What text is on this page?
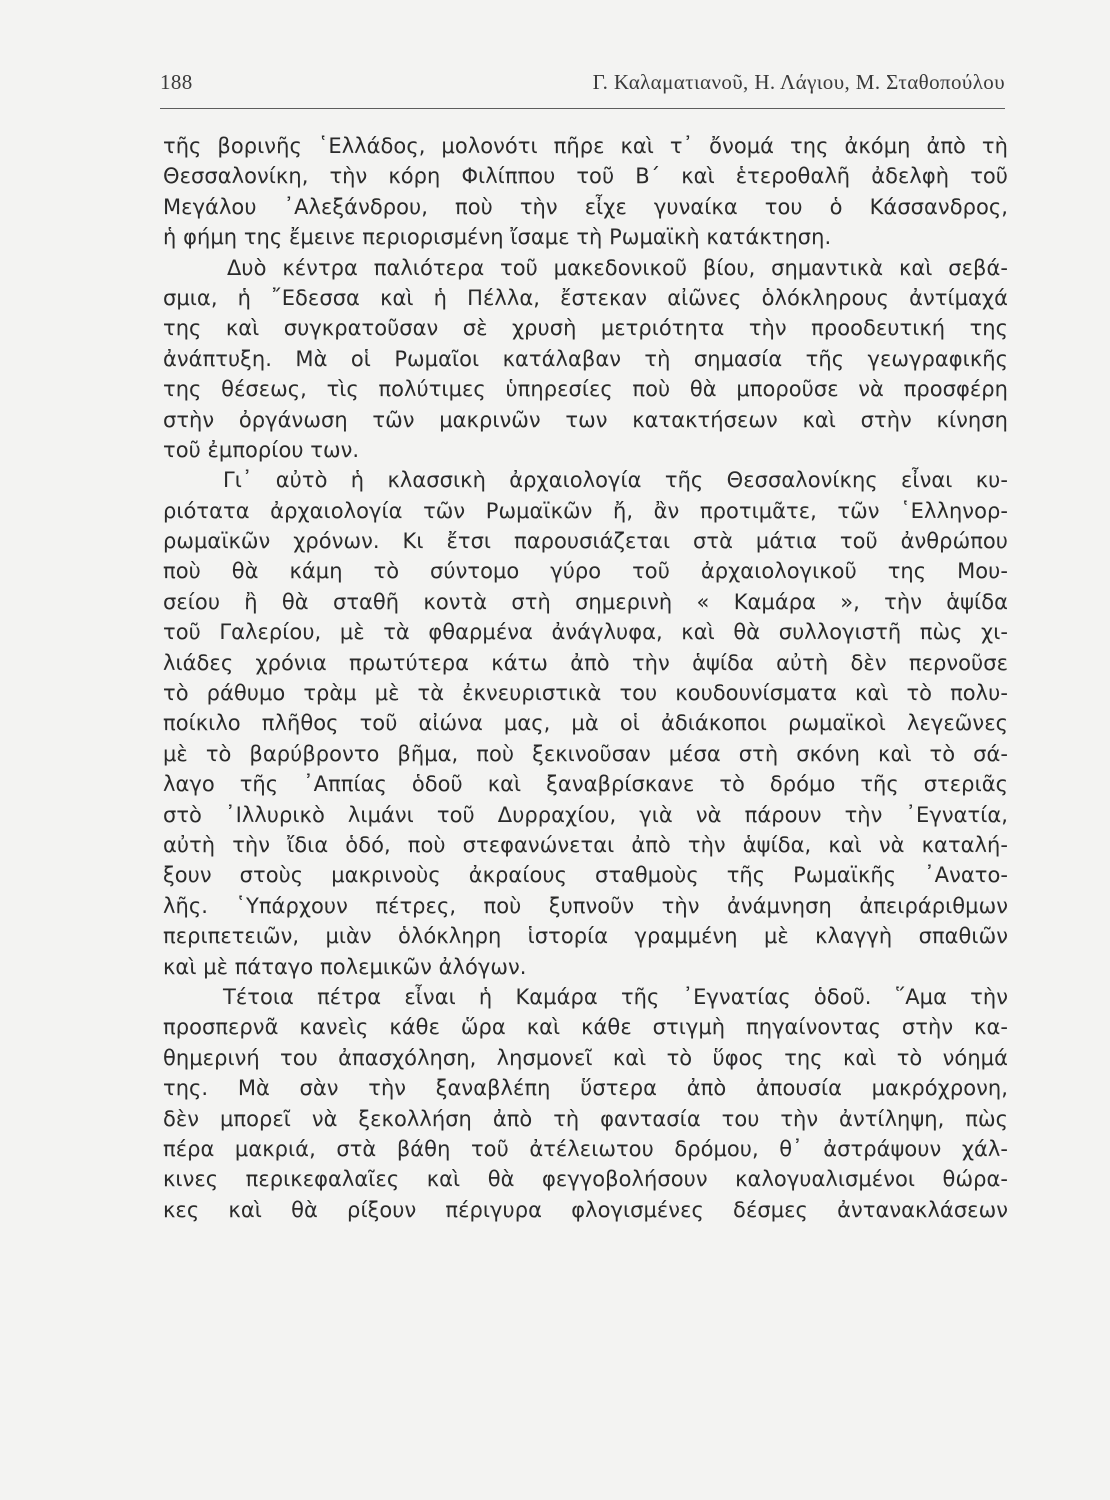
188	Γ. Καλαματιανοῦ, Η. Λάγιου, Μ. Σταθοπούλου
τῆς βορινῆς ῾Ελλάδος, μολονότι πῆρε καὶ τ᾽ ὄνομά της ἀκόμη ἀπὸ τὴ
Θεσσαλονίκη, τὴν κόρη Φιλίππου τοῦ Β΄ καὶ ἑτεροθαλῆ ἀδελφὴ τοῦ
Μεγάλου ᾽Αλεξάνδρου, ποὺ τὴν εἶχε γυναίκα του ὁ Κάσσανδρος,
ἡ φήμη της ἔμεινε περιορισμένη ἴσαμε τὴ Ρωμαϊκὴ κατάκτηση.
Δυὸ κέντρα παλιότερα τοῦ μακεδονικοῦ βίου, σημαντικὰ καὶ σεβά-
σμια, ἡ ῎Εδεσσα καὶ ἡ Πέλλα, ἔστεκαν αἰῶνες ὁλόκληρους ἀντίμαχά
της καὶ συγκρατοῦσαν σὲ χρυσὴ μετριότητα τὴν προοδευτική της
ἀνάπτυξη. Μὰ οἱ Ρωμαῖοι κατάλαβαν τὴ σημασία τῆς γεωγραφικῆς
της θέσεως, τὶς πολύτιμες ὑπηρεσίες ποὺ θὰ μποροῦσε νὰ προσφέρη
στὴν ὀργάνωση τῶν μακρινῶν των κατακτήσεων καὶ στὴν κίνηση
τοῦ ἐμπορίου των.
Γι᾽ αὐτὸ ἡ κλασσικὴ ἀρχαιολογία τῆς Θεσσαλονίκης εἶναι κυ-
ριότατα ἀρχαιολογία τῶν Ρωμαϊκῶν ἤ, ἂν προτιμᾶτε, τῶν ῾Ελληνορ-
ρωμαϊκῶν χρόνων. Κι ἔτσι παρουσιάζεται στὰ μάτια τοῦ ἀνθρώπου
ποὺ θὰ κάμη τὸ σύντομο γύρο τοῦ ἀρχαιολογικοῦ της Μου-
σείου ἢ θὰ σταθῆ κοντὰ στὴ σημερινὴ « Καμάρα », τὴν ἁψίδα
τοῦ Γαλερίου, μὲ τὰ φθαρμένα ἀνάγλυφα, καὶ θὰ συλλογιστῆ πὼς χι-
λιάδες χρόνια πρωτύτερα κάτω ἀπὸ τὴν ἁψίδα αὐτὴ δὲν περνοῦσε
τὸ ράθυμο τρὰμ μὲ τὰ ἐκνευριστικὰ του κουδουνίσματα καὶ τὸ πολυ-
ποίκιλο πλῆθος τοῦ αἰώνα μας, μὰ οἱ ἀδιάκοποι ρωμαϊκοὶ λεγεῶνες
μὲ τὸ βαρύβροντο βῆμα, ποὺ ξεκινοῦσαν μέσα στὴ σκόνη καὶ τὸ σά-
λαγο τῆς ᾽Αππίας ὁδοῦ καὶ ξαναβρίσκανε τὸ δρόμο τῆς στεριᾶς
στὸ ᾽Ιλλυρικὸ λιμάνι τοῦ Δυρραχίου, γιὰ νὰ πάρουν τὴν ᾽Εγνατία,
αὐτὴ τὴν ἴδια ὁδό, ποὺ στεφανώνεται ἀπὸ τὴν ἁψίδα, καὶ νὰ καταλή-
ξουν στοὺς μακρινοὺς ἀκραίους σταθμοὺς τῆς Ρωμαϊκῆς ᾽Ανατο-
λῆς. ῾Υπάρχουν πέτρες, ποὺ ξυπνοῦν τὴν ἀνάμνηση ἀπειράριθμων
περιπετειῶν, μιὰν ὁλόκληρη ἱστορία γραμμένη μὲ κλαγγὴ σπαθιῶν
καὶ μὲ πάταγο πολεμικῶν ἀλόγων.
Τέτοια πέτρα εἶναι ἡ Καμάρα τῆς ᾽Εγνατίας ὁδοῦ. ῞Αμα τὴν
προσπερνᾶ κανεὶς κάθε ὥρα καὶ κάθε στιγμὴ πηγαίνοντας στὴν κα-
θημερινή του ἀπασχόληση, λησμονεῖ καὶ τὸ ὕφος της καὶ τὸ νόημά
της. Μὰ σὰν τὴν ξαναβλέπη ὕστερα ἀπὸ ἀπουσία μακρόχρονη,
δὲν μπορεῖ νὰ ξεκολλήση ἀπὸ τὴ φαντασία του τὴν ἀντίληψη, πὼς
πέρα μακριά, στὰ βάθη τοῦ ἀτέλειωτου δρόμου, θ᾽ ἀστράψουν χάλ-
κινες περικεφαλαῖες καὶ θὰ φεγγοβολήσουν καλογυαλισμένοι θώρα-
κες καὶ θὰ ρίξουν πέριγυρα φλογισμένες δέσμες ἀντανακλάσεων
